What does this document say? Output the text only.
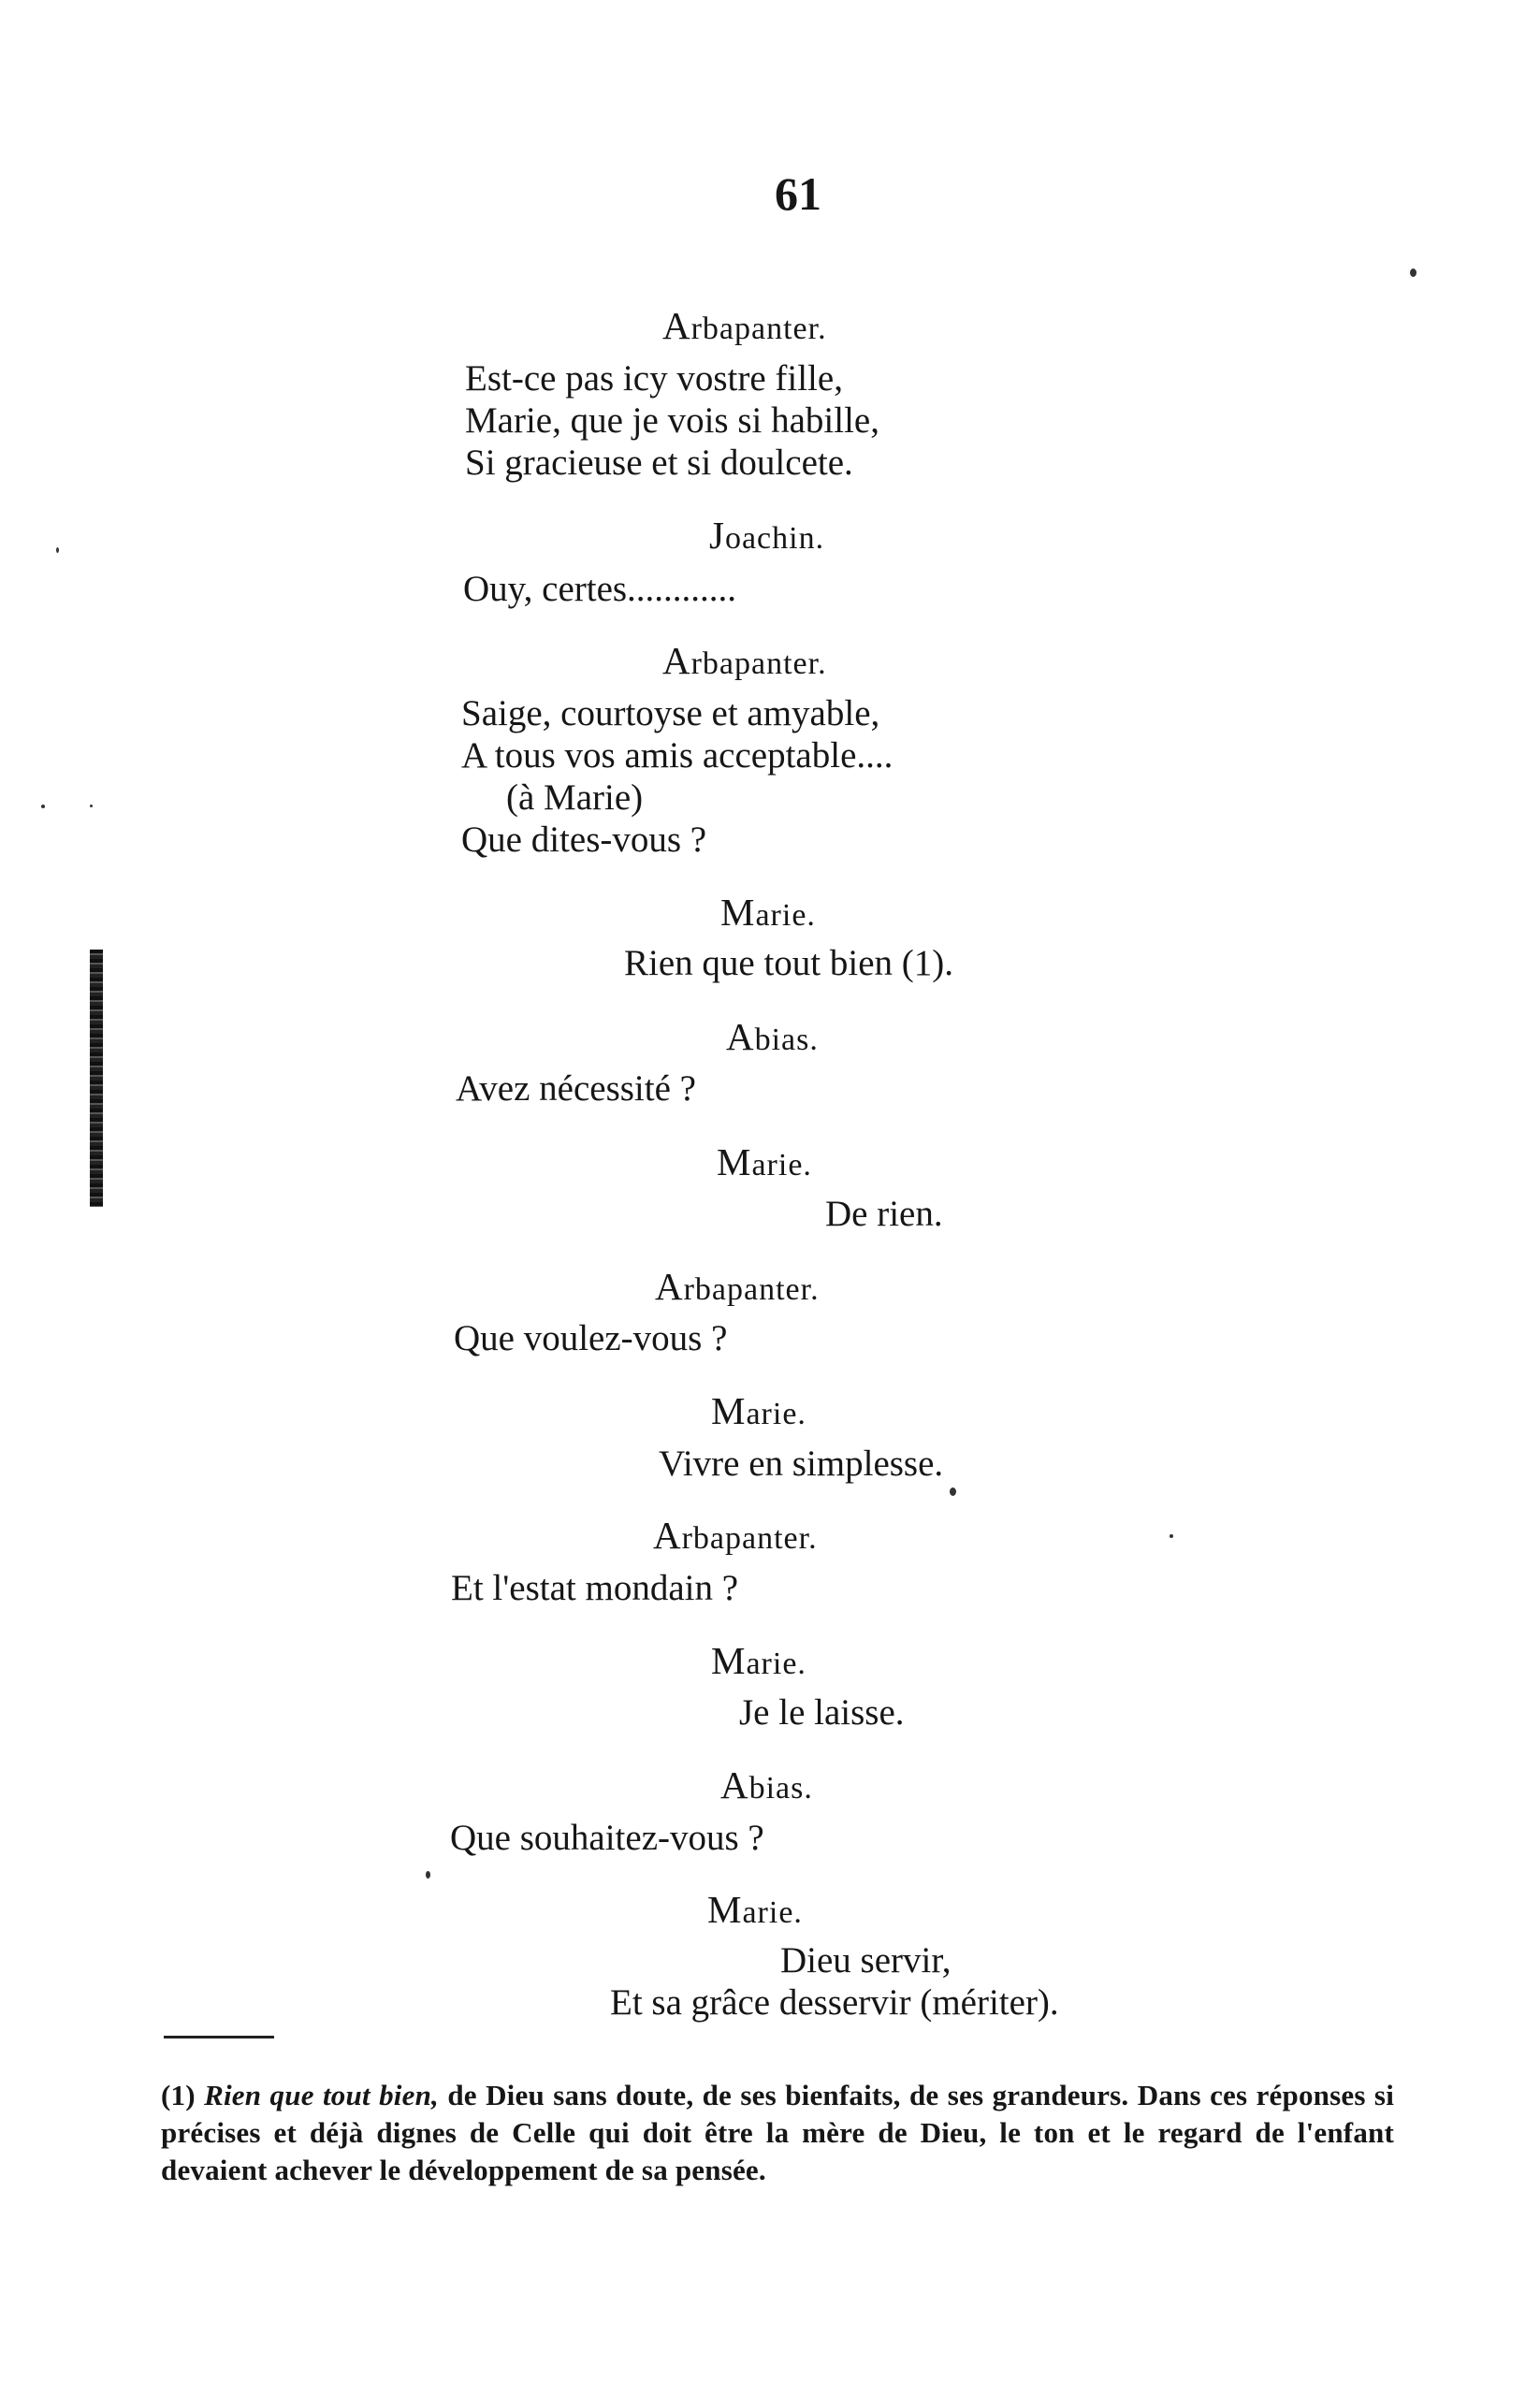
61
Arbapanter.
Est-ce pas icy vostre fille,
Marie, que je vois si habille,
Si gracieuse et si doulcete.
Joachin.
Ouy, certes............
Arbapanter.
Saige, courtoyse et amyable,
A tous vos amis acceptable....
(à Marie)
Que dites-vous ?
Marie.
Rien que tout bien (1).
Abias.
Avez nécessité ?
Marie.
De rien.
Arbapanter.
Que voulez-vous ?
Marie.
Vivre en simplesse.
Arbapanter.
Et l'estat mondain ?
Marie.
Je le laisse.
Abias.
Que souhaitez-vous ?
Marie.
Dieu servir,
Et sa grâce desservir (mériter).
(1) Rien que tout bien, de Dieu sans doute, de ses bienfaits, de ses grandeurs. Dans ces réponses si précises et déjà dignes de Celle qui doit être la mère de Dieu, le ton et le regard de l'enfant devaient achever le développement de sa pensée.
